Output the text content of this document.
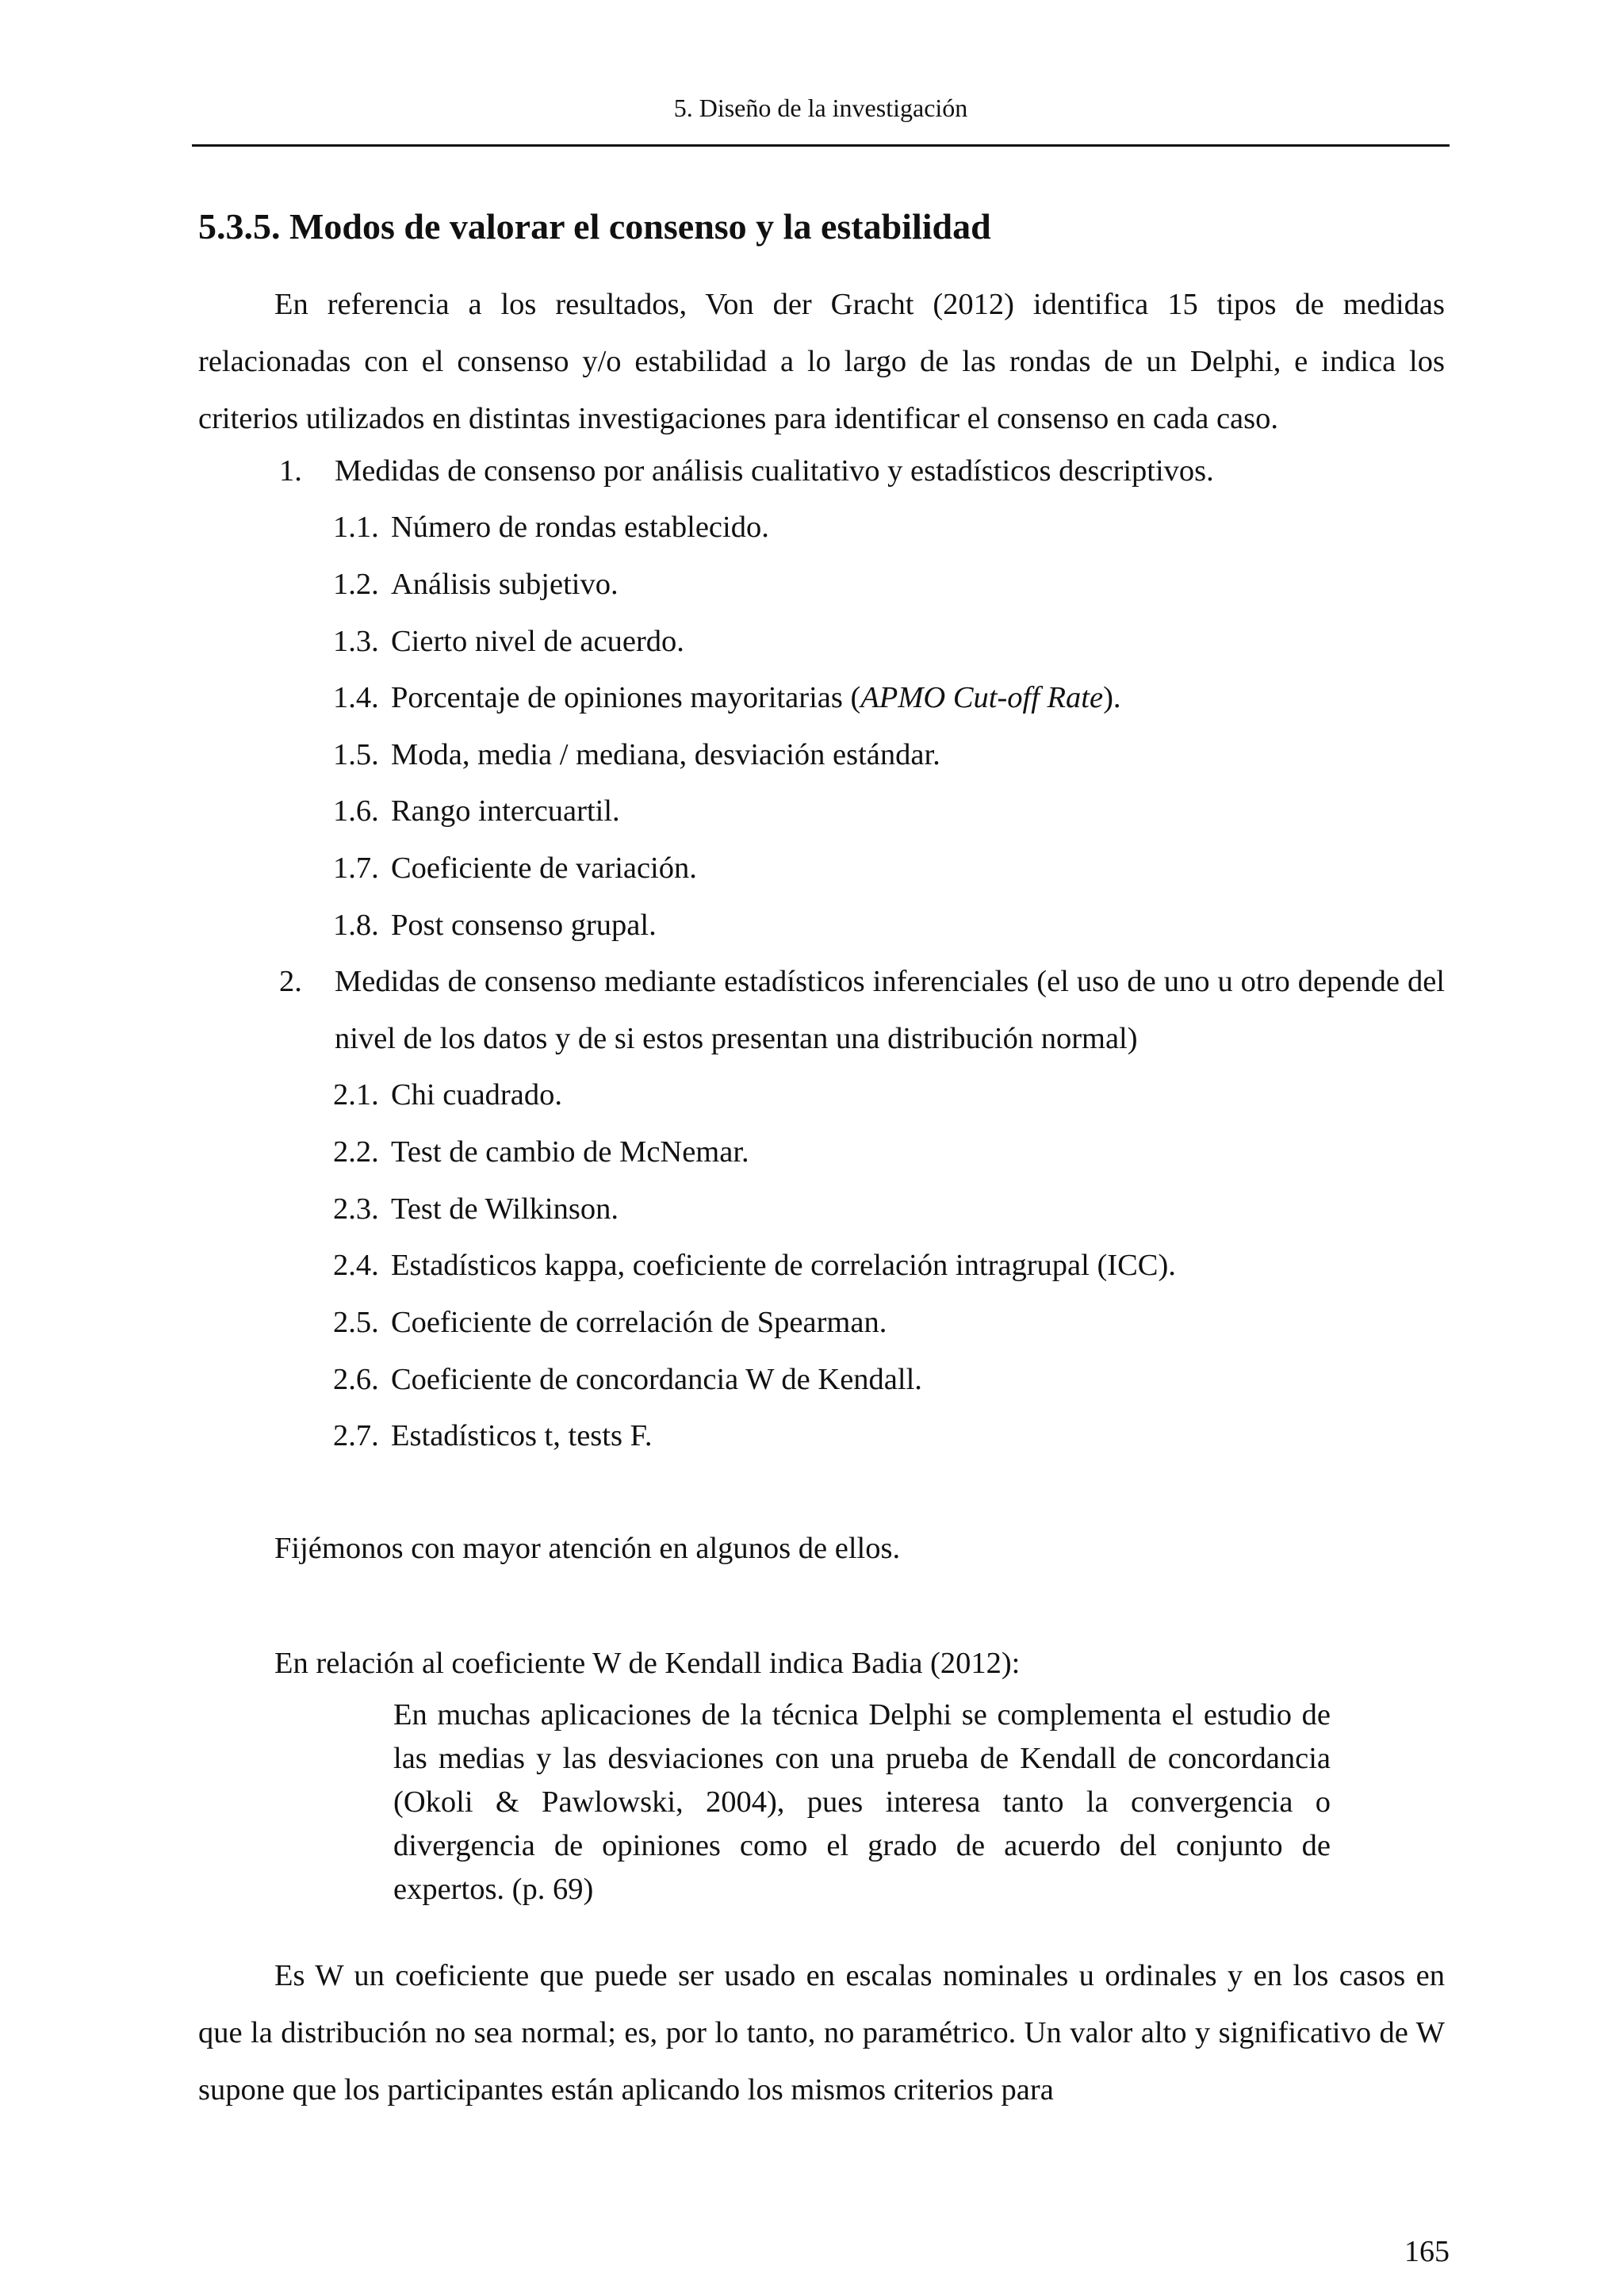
5. Diseño de la investigación
5.3.5. Modos de valorar el consenso y la estabilidad

En referencia a los resultados, Von der Gracht (2012) identifica 15 tipos de medidas relacionadas con el consenso y/o estabilidad a lo largo de las rondas de un Delphi, e indica los criterios utilizados en distintas investigaciones para identificar el consenso en cada caso.

1. Medidas de consenso por análisis cualitativo y estadísticos descriptivos.
1.1. Número de rondas establecido.
1.2. Análisis subjetivo.
1.3. Cierto nivel de acuerdo.
1.4. Porcentaje de opiniones mayoritarias (APMO Cut-off Rate).
1.5. Moda, media / mediana, desviación estándar.
1.6. Rango intercuartil.
1.7. Coeficiente de variación.
1.8. Post consenso grupal.
2. Medidas de consenso mediante estadísticos inferenciales (el uso de uno u otro depende del nivel de los datos y de si estos presentan una distribución normal)

2.1. Chi cuadrado.
2.2. Test de cambio de McNemar.
2.3. Test de Wilkinson.
2.4. Estadísticos kappa, coeficiente de correlación intragrupal (ICC).
2.5. Coeficiente de correlación de Spearman.
2.6. Coeficiente de concordancia W de Kendall.
2.7. Estadísticos t, tests F.
Fijémonos con mayor atención en algunos de ellos.
En relación al coeficiente W de Kendall indica Badia (2012):

En muchas aplicaciones de la técnica Delphi se complementa el estudio de las medias y las desviaciones con una prueba de Kendall de concordancia (Okoli & Pawlowski, 2004), pues interesa tanto la convergencia o divergencia de opiniones como el grado de acuerdo del conjunto de expertos. (p. 69)

Es W un coeficiente que puede ser usado en escalas nominales u ordinales y en los casos en que la distribución no sea normal; es, por lo tanto, no paramétrico. Un valor alto y significativo de W supone que los participantes están aplicando los mismos criterios para

165
